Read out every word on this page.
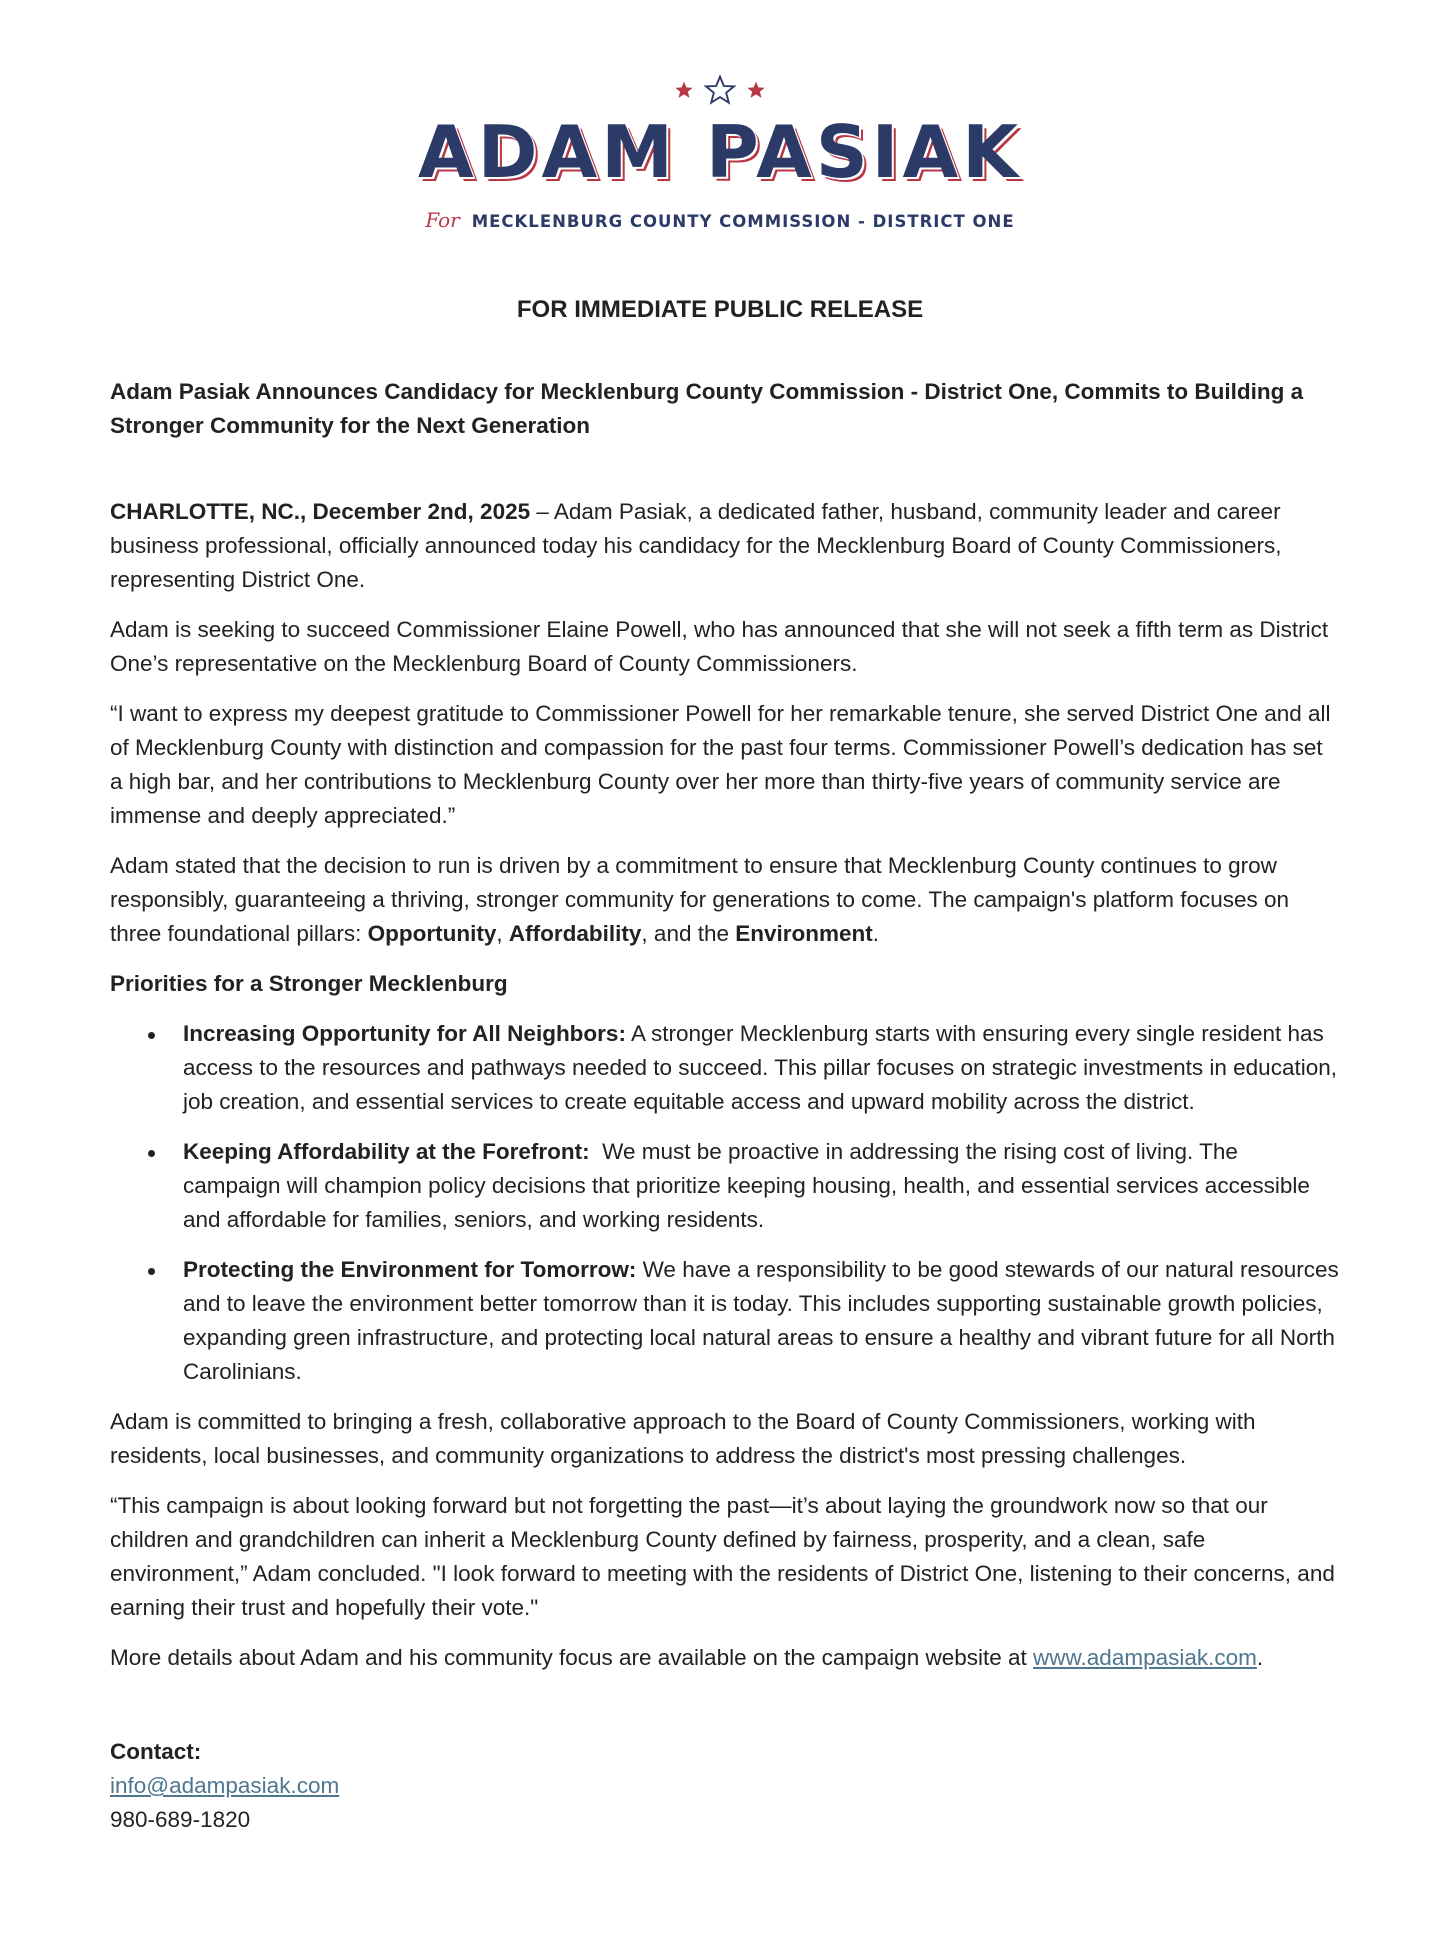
ADAM PASIAK
For MECKLENBURG COUNTY COMMISSION - DISTRICT ONE
FOR IMMEDIATE PUBLIC RELEASE

Adam Pasiak Announces Candidacy for Mecklenburg County Commission - District One, Commits to Building a Stronger Community for the Next Generation

CHARLOTTE, NC., December 2nd, 2025 – Adam Pasiak, a dedicated father, husband, community leader and career business professional, officially announced today his candidacy for the Mecklenburg Board of County Commissioners, representing District One.

Adam is seeking to succeed Commissioner Elaine Powell, who has announced that she will not seek a fifth term as District One’s representative on the Mecklenburg Board of County Commissioners.

“I want to express my deepest gratitude to Commissioner Powell for her remarkable tenure, she served District One and all of Mecklenburg County with distinction and compassion for the past four terms. Commissioner Powell’s dedication has set a high bar, and her contributions to Mecklenburg County over her more than thirty-five years of community service are immense and deeply appreciated.”

Adam stated that the decision to run is driven by a commitment to ensure that Mecklenburg County continues to grow responsibly, guaranteeing a thriving, stronger community for generations to come. The campaign's platform focuses on three foundational pillars: Opportunity, Affordability, and the Environment.

Priorities for a Stronger Mecklenburg

Increasing Opportunity for All Neighbors: A stronger Mecklenburg starts with ensuring every single resident has access to the resources and pathways needed to succeed. This pillar focuses on strategic investments in education, job creation, and essential services to create equitable access and upward mobility across the district.
Keeping Affordability at the Forefront:  We must be proactive in addressing the rising cost of living. The campaign will champion policy decisions that prioritize keeping housing, health, and essential services accessible and affordable for families, seniors, and working residents.
Protecting the Environment for Tomorrow: We have a responsibility to be good stewards of our natural resources and to leave the environment better tomorrow than it is today. This includes supporting sustainable growth policies, expanding green infrastructure, and protecting local natural areas to ensure a healthy and vibrant future for all North Carolinians.

Adam is committed to bringing a fresh, collaborative approach to the Board of County Commissioners, working with residents, local businesses, and community organizations to address the district's most pressing challenges.

“This campaign is about looking forward but not forgetting the past—it’s about laying the groundwork now so that our children and grandchildren can inherit a Mecklenburg County defined by fairness, prosperity, and a clean, safe environment,” Adam concluded. "I look forward to meeting with the residents of District One, listening to their concerns, and earning their trust and hopefully their vote."

More details about Adam and his community focus are available on the campaign website at www.adampasiak.com.

Contact:
info@adampasiak.com
980-689-1820
